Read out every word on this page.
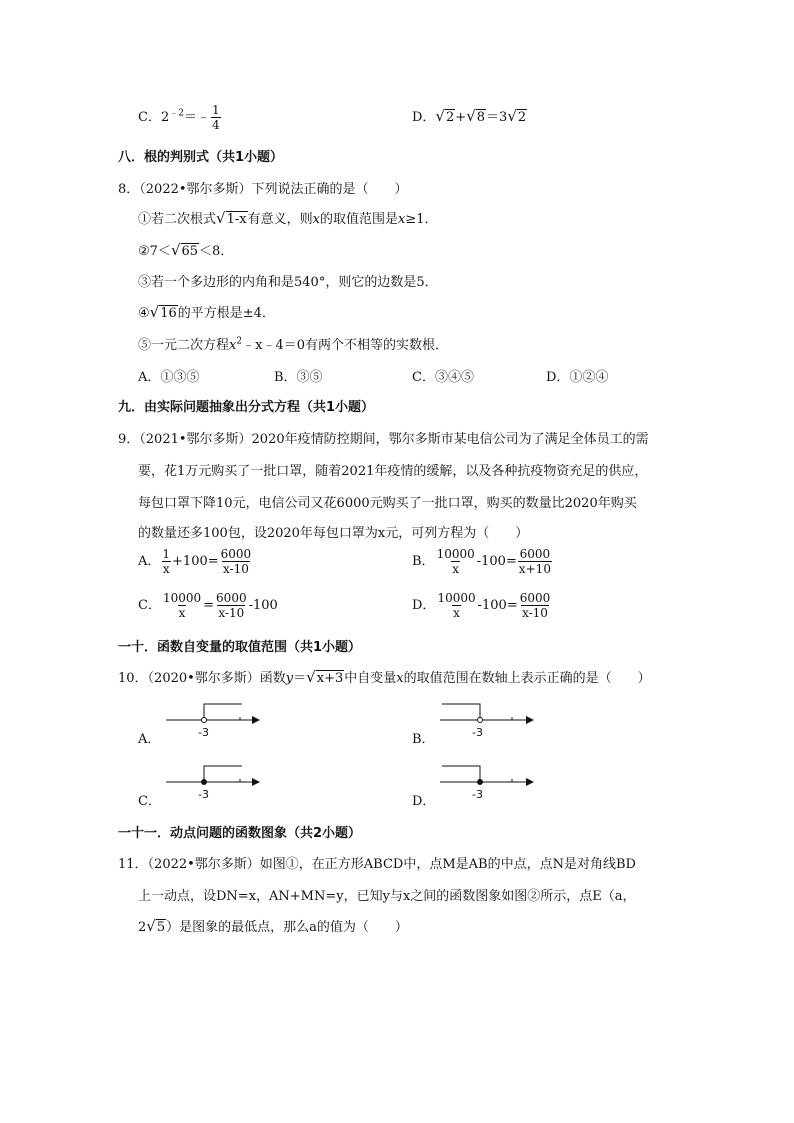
C．$2^{﹣2}=﹣ \frac{1}{4}$	D．√2+√8＝3√2
八．根的判别式（共1小题）
8．（2022•鄂尔多斯）下列说法正确的是（　　）
①若二次根式√1-x有意义，则x的取值范围是x≥1．
②7＜√65＜8．
③若一个多边形的内角和是540°，则它的边数是5．
④√16的平方根是±4．
⑤一元二次方程$x^2﹣x﹣4=0$有两个不相等的实数根．
A．①③⑤	B．③⑤	C．③④⑤	D．①②④
九．由实际问题抽象出分式方程（共1小题）
9．（2021•鄂尔多斯）2020年疫情防控期间，鄂尔多斯市某电信公司为了满足全体员工的需
要，花1万元购买了一批口罩，随着2021年疫情的缓解，以及各种抗疫物资充足的供应，
每包口罩下降10元，电信公司又花6000元购买了一批口罩，购买的数量比2020年购买
的数量还多100包，设2020年每包口罩为x元，可列方程为（　　）
A． $\frac{1}{x} +100= \frac{6000}{x-10}$	B． $\frac{10000}{x} -100= \frac{6000}{x+10}$
C． $\frac{10000}{x} = \frac{6000}{x-10} -100$	D． $\frac{10000}{x} -100= \frac{6000}{x-10}$
一十．函数自变量的取值范围（共1小题）
10．（2020•鄂尔多斯）函数y＝√x+3中自变量x的取值范围在数轴上表示正确的是（　　）
A．	-3	B．	-3
C．	-3	D．	-3
一十一．动点问题的函数图象（共2小题）
11．（2022•鄂尔多斯）如图①，在正方形ABCD中，点M是AB的中点，点N是对角线BD
上一动点，设DN=x，AN+MN=y，已知y与x之间的函数图象如图②所示，点E（a，
2√5）是图象的最低点，那么a的值为（　　）
